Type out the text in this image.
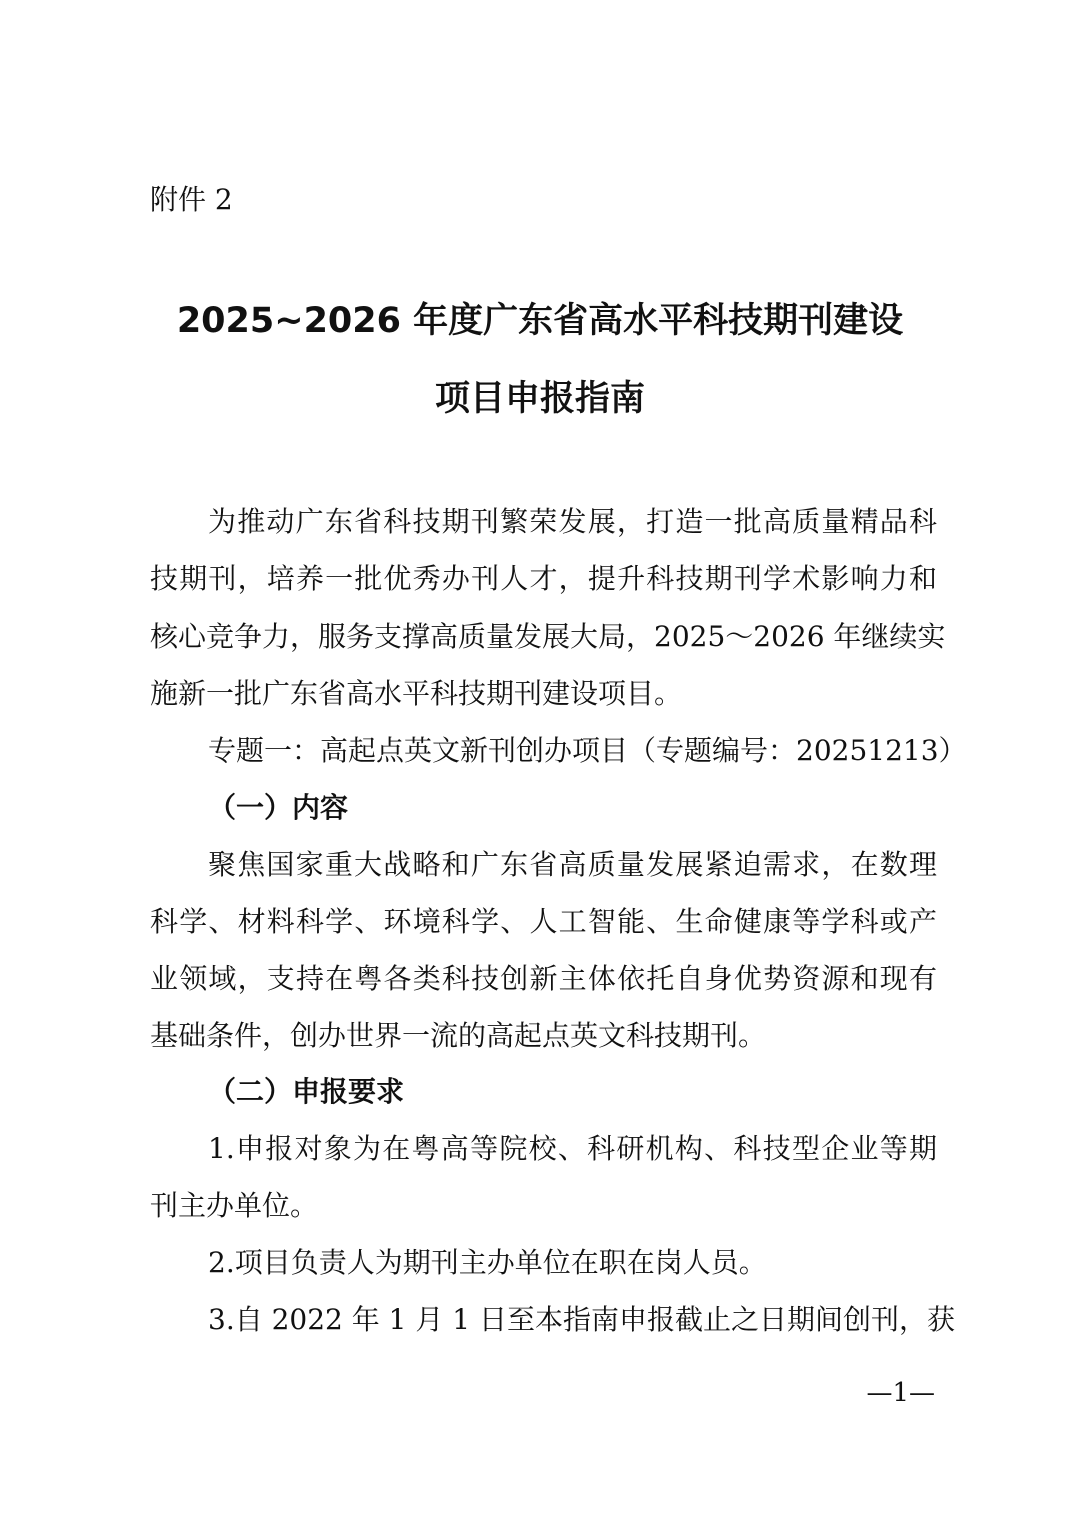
附件 2
2025~2026 年度广东省高水平科技期刊建设
项目申报指南
为推动广东省科技期刊繁荣发展，打造一批高质量精品科
技期刊，培养一批优秀办刊人才，提升科技期刊学术影响力和
核心竞争力，服务支撑高质量发展大局，2025～2026 年继续实
施新一批广东省高水平科技期刊建设项目。
专题一：高起点英文新刊创办项目（专题编号：20251213）
（一）内容
聚焦国家重大战略和广东省高质量发展紧迫需求，在数理
科学、材料科学、环境科学、人工智能、生命健康等学科或产
业领域，支持在粤各类科技创新主体依托自身优势资源和现有
基础条件，创办世界一流的高起点英文科技期刊。
（二）申报要求
1.申报对象为在粤高等院校、科研机构、科技型企业等期
刊主办单位。
2.项目负责人为期刊主办单位在职在岗人员。
3.自 2022 年 1 月 1 日至本指南申报截止之日期间创刊，获
—1—
